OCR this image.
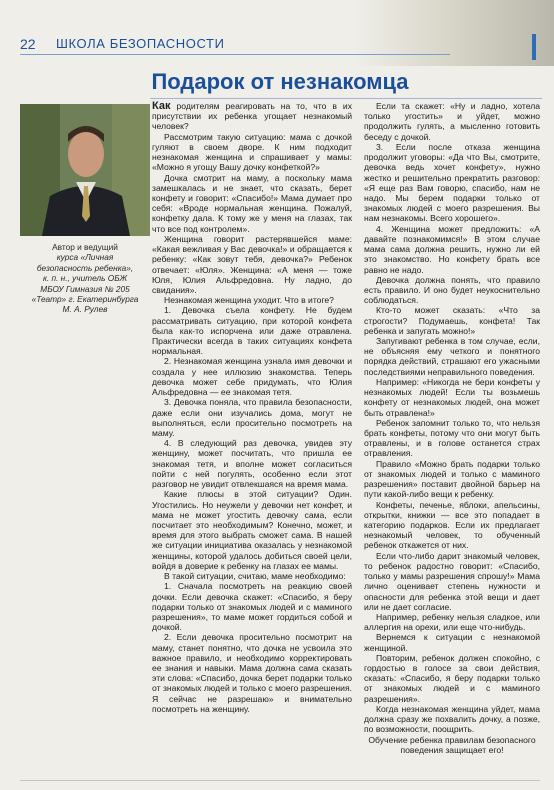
22 ШКОЛА БЕЗОПАСНОСТИ
Подарок от незнакомца
Автор и ведущий
курса «Личная
безопасность ребенка»,
к. п. н., учитель ОБЖ
МБОУ Гимназия № 205
«Театр» г. Екатеринбурга
М. А. Рулев

Как родителям реагировать на то, что в их присутствии их ребенка угощает незнакомый человек?

Рассмотрим такую ситуацию: мама с дочкой гуляют в своем дворе. К ним подходит незнакомая женщина и спрашивает у мамы: «Можно я угощу Вашу дочку конфеткой?»

Дочка смотрит на маму, а поскольку мама замешкалась и не знает, что сказать, берет конфету и говорит: «Спасибо!» Мама думает про себя: «Вроде нормальная женщина. Пожалуй, конфетку дала. К тому же у меня на глазах, так что все под контролем».

Женщина говорит растерявшейся маме: «Какая вежливая у Вас девочка!» и обращается к ребенку: «Как зовут тебя, девочка?» Ребенок отвечает: «Юля». Женщина: «А меня — тоже Юля, Юлия Альфредовна. Ну ладно, до свидания».

Незнакомая женщина уходит. Что в итоге?

1. Девочка съела конфету. Не будем рассматривать ситуацию, при которой конфета была как-то испорчена или даже отравлена. Практически всегда в таких ситуациях конфета нормальная.

2. Незнакомая женщина узнала имя девочки и создала у нее иллюзию знакомства. Теперь девочка может себе придумать, что Юлия Альфредовна — ее знакомая тетя.

3. Девочка поняла, что правила безопасности, даже если они изучались дома, могут не выполняться, если просительно посмотреть на маму.

4. В следующий раз девочка, увидев эту женщину, может посчитать, что пришла ее знакомая тетя, и вполне может согласиться пойти с ней погулять, особенно если этот разговор не увидит отвлекшаяся на время мама.

Какие плюсы в этой ситуации? Один. Угостились. Но неужели у девочки нет конфет, и мама не может угостить девочку сама, если посчитает это необходимым? Конечно, может, и время для этого выбрать сможет сама. В нашей же ситуации инициатива оказалась у незнакомой женщины, которой удалось добиться своей цели, войдя в доверие к ребенку на глазах ее мамы.

В такой ситуации, считаю, маме необходимо:

1. Сначала посмотреть на реакцию своей дочки. Если девочка скажет: «Спасибо, я беру подарки только от знакомых людей и с маминого разрешения», то маме может гордиться собой и дочкой.

2. Если девочка просительно посмотрит на маму, станет понятно, что дочка не усвоила это важное правило, и необходимо корректировать ее знания и навыки. Мама должна сама сказать эти слова: «Спасибо, дочка берет подарки только от знакомых людей и только с моего разрешения. Я сейчас не разрешаю» и внимательно посмотреть на женщину.

Если та скажет: «Ну и ладно, хотела только угостить» и уйдет, можно продолжить гулять, а мысленно готовить беседу с дочкой.

3. Если после отказа женщина продолжит уговоры: «Да что Вы, смотрите, девочка ведь хочет конфету», нужно жестко и решительно прекратить разговор: «Я еще раз Вам говорю, спасибо, нам не надо. Мы берем подарки только от знакомых людей с моего разрешения. Вы нам незнакомы. Всего хорошего».

4. Женщина может предложить: «А давайте познакомимся!» В этом случае мама сама должна решить, нужно ли ей это знакомство. Но конфету брать все равно не надо.

Девочка должна понять, что правило есть правило. И оно будет неукоснительно соблюдаться.

Кто-то может сказать: «Что за строгости? Подумаешь, конфета! Так ребенка и запугать можно!»

Запугивают ребенка в том случае, если, не объясняя ему четкого и понятного порядка действий, страшают его ужасными последствиями неправильного поведения.

Например: «Никогда не бери конфеты у незнакомых людей! Если ты возьмешь конфету от незнакомых людей, она может быть отравлена!»

Ребенок запомнит только то, что нельзя брать конфеты, потому что они могут быть отравлены, и в голове останется страх отравления.

Правило «Можно брать подарки только от знакомых людей и только с маминого разрешения» поставит двойной барьер на пути какой-либо вещи к ребенку.

Конфеты, печенье, яблоки, апельсины, открытки, книжки — все это попадает в категорию подарков. Если их предлагает незнакомый человек, то обученный ребенок откажется от них.

Если что-либо дарит знакомый человек, то ребенок радостно говорит: «Спасибо, только у мамы разрешения спрошу!» Мама лично оценивает степень нужности и опасности для ребенка этой вещи и дает или не дает согласие.

Например, ребенку нельзя сладкое, или аллергия на орехи, или еще что-нибудь.

Вернемся к ситуации с незнакомой женщиной.

Повторим, ребенок должен спокойно, с гордостью в голосе за свои действия, сказать: «Спасибо, я беру подарки только от знакомых людей и с маминого разрешения».

Когда незнакомая женщина уйдет, мама должна сразу же похвалить дочку, а позже, по возможности, поощрить.

Обучение ребенка правилам безопасного поведения защищает его!
